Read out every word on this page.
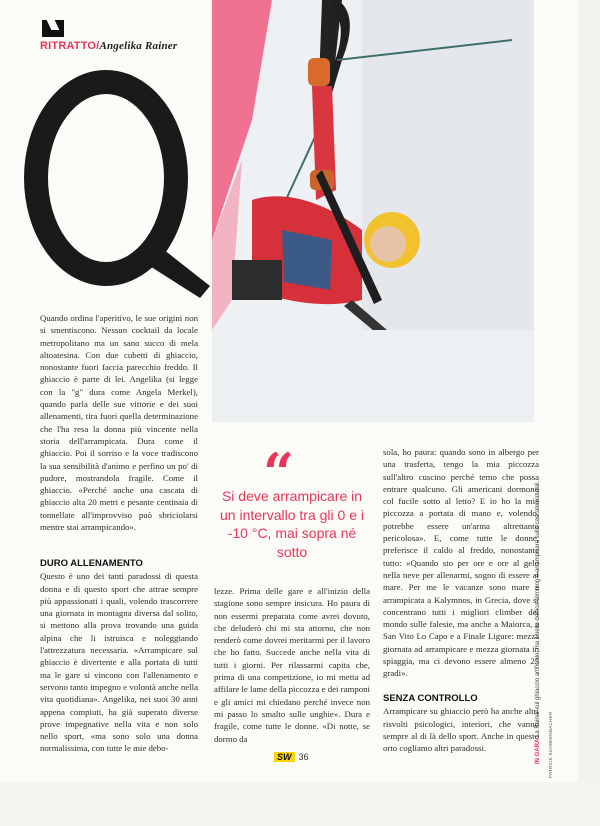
RITRATTO/Angelika Rainer
IN GARA La Rainer sul ghiaccio artificiale, ma il bello dell'ice climbing è arrampicare sulle cascate naturali.

Quando ordina l'aperitivo, le sue origini non si smentiscono. Nessun cocktail da locale metropolitano ma un sano succo di mela altoatesina. Con due cubetti di ghiaccio, nonostante fuori faccia parecchio freddo. Il ghiaccio è parte di lei. Angelika (si legge con la "g" dura come Angela Merkel), quando parla delle sue vittorie e dei suoi allenamenti, tira fuori quella determinazione che l'ha resa la donna più vincente nella storia dell'arrampicata. Dura come il ghiaccio. Poi il sorriso e la voce tradiscono la sua sensibilità d'animo e perfino un po' di pudore, mostrandola fragile. Come il ghiaccio. «Perché anche una cascata di ghiaccio alta 20 metri e pesante centinaia di tonnellate all'improvviso può sbriciolarsi mentre stai arrampicando».

DURO ALLENAMENTO

Questo è uno dei tanti paradossi di questa donna e di questo sport che attrae sempre più appassionati i quali, volendo trascorrere una giornata in montagna diversa dal solito, si mettono alla prova trovando una guida alpina che li istruisca e noleggiando l'attrezzatura necessaria. «Arrampicare sul ghiaccio è divertente e alla portata di tutti ma le gare si vincono con l'allenamento e servono tanto impegno e volontà anche nella vita quotidiana». Angelika, nei suoi 30 anni appena compiuti, ha già superato diverse prove impegnative nella vita e non solo nello sport, «ma sono solo una donna normalissima, con tutte le mie debo-

“
Si deve arrampicare in un intervallo tra gli 0 e i -10 °C, mai sopra né sotto

lezze. Prima delle gare e all'inizio della stagione sono sempre insicura. Ho paura di non essermi preparata come avrei dovuto, che deluderò chi mi sta attorno, che non renderò come dovrei meritarmi per il lavoro che ho fatto. Succede anche nella vita di tutti i giorni. Per rilassarmi capita che, prima di una competizione, io mi metta ad affilare le lame della piccozza e dei ramponi e gli amici mi chiedano perché invece non mi passo lo smalto sulle unghie». Dura e fragile, come tutte le donne. «Di notte, se dormo da

sola, ho paura: quando sono in albergo per una trasferta, tengo la mia piccozza sull'altro cuscino perché temo che possa entrare qualcuno. Gli americani dormono col fucile sotto al letto? E io ho la mia piccozza a portata di mano e, volendo, potrebbe essere un'arma altrettanto pericolosa». E, come tutte le donne, preferisce il caldo al freddo, nonostante tutto: «Quando sto per ore e ore al gelo nella neve per allenarmi, sogno di essere al mare. Per me le vacanze sono mare e arrampicata a Kalymnos, in Grecia, dove si concentrano tutti i migliori climber del mondo sulle falesie, ma anche a Maiorca, a San Vito Lo Capo e a Finale Ligure: mezza giornata ad arrampicare e mezza giornata in spiaggia, ma ci devono essere almeno 25 gradi».

SENZA CONTROLLO

Arrampicare su ghiaccio però ha anche altri risvolti psicologici, interiori, che vanno sempre al di là dello sport. Anche in questo orto cogliamo altri paradossi.	PATRICK SCHWIENBACHER
SW 36
